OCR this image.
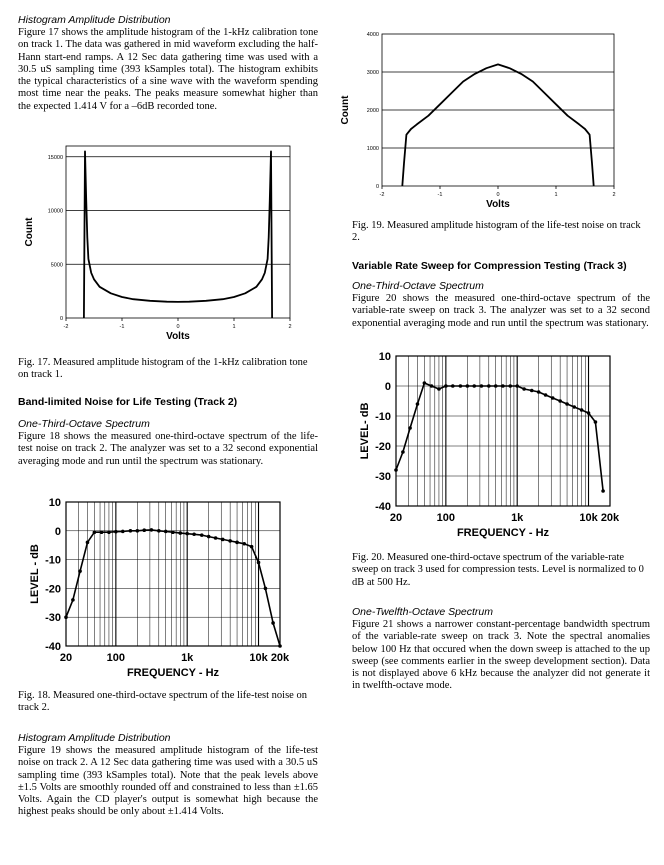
Histogram Amplitude Distribution
Figure 17 shows the amplitude histogram of the 1-kHz calibration tone on track 1. The data was gathered in mid waveform excluding the half-Hann start-end ramps. A 12 Sec data gathering time was used with a 30.5 uS sampling time (393 kSamples total). The histogram exhibits the typical characteristics of a sine wave with the waveform spending most time near the peaks. The peaks measure somewhat higher than the expected 1.414 V for a –6dB recorded tone.
0
5000
10000
15000
-2	-1	0	1	2
Volts
Count
Fig. 17. Measured amplitude histogram of the 1-kHz calibration tone on track 1.
Band-limited Noise for Life Testing (Track 2)
One-Third-Octave Spectrum
Figure 18 shows the measured one-third-octave spectrum of the life-test noise on track 2. The analyzer was set to a 32 second exponential averaging mode and run until the spectrum was stationary.
10
0
-10
-20
-30
-40
20	100	1k	10k 20k
FREQUENCY - Hz
LEVEL - dB
Fig. 18. Measured one-third-octave spectrum of the life-test noise on track 2.
Histogram Amplitude Distribution
Figure 19 shows the measured amplitude histogram of the life-test noise on track 2. A 12 Sec data gathering time was used with a 30.5 uS sampling time (393 kSamples total). Note that the peak levels above ±1.5 Volts are smoothly rounded off and constrained to less than ±1.65 Volts. Again the CD player's output is somewhat high because the highest peaks should be only about ±1.414 Volts.
0
1000
2000
3000
4000
-2	-1	0	1	2
Volts
Count
Fig. 19. Measured amplitude histogram of the life-test noise on track 2.
Variable Rate Sweep for Compression Testing (Track 3)
One-Third-Octave Spectrum
Figure 20 shows the measured one-third-octave spectrum of the variable-rate sweep on track 3. The analyzer was set to a 32 second exponential averaging mode and run until the spectrum was stationary.
10
0
-10
-20
-30
-40
20	100	1k	10k 20k
FREQUENCY - Hz
LEVEL- dB
Fig. 20. Measured one-third-octave spectrum of the variable-rate sweep on track 3 used for compression tests. Level is normalized to 0 dB at 500 Hz.
One-Twelfth-Octave Spectrum
Figure 21 shows a narrower constant-percentage bandwidth spectrum of the variable-rate sweep on track 3. Note the spectral anomalies below 100 Hz that occured when the down sweep is attached to the up sweep (see comments earlier in the sweep development section). Data is not displayed above 6 kHz because the analyzer did not generate it in twelfth-octave mode.
